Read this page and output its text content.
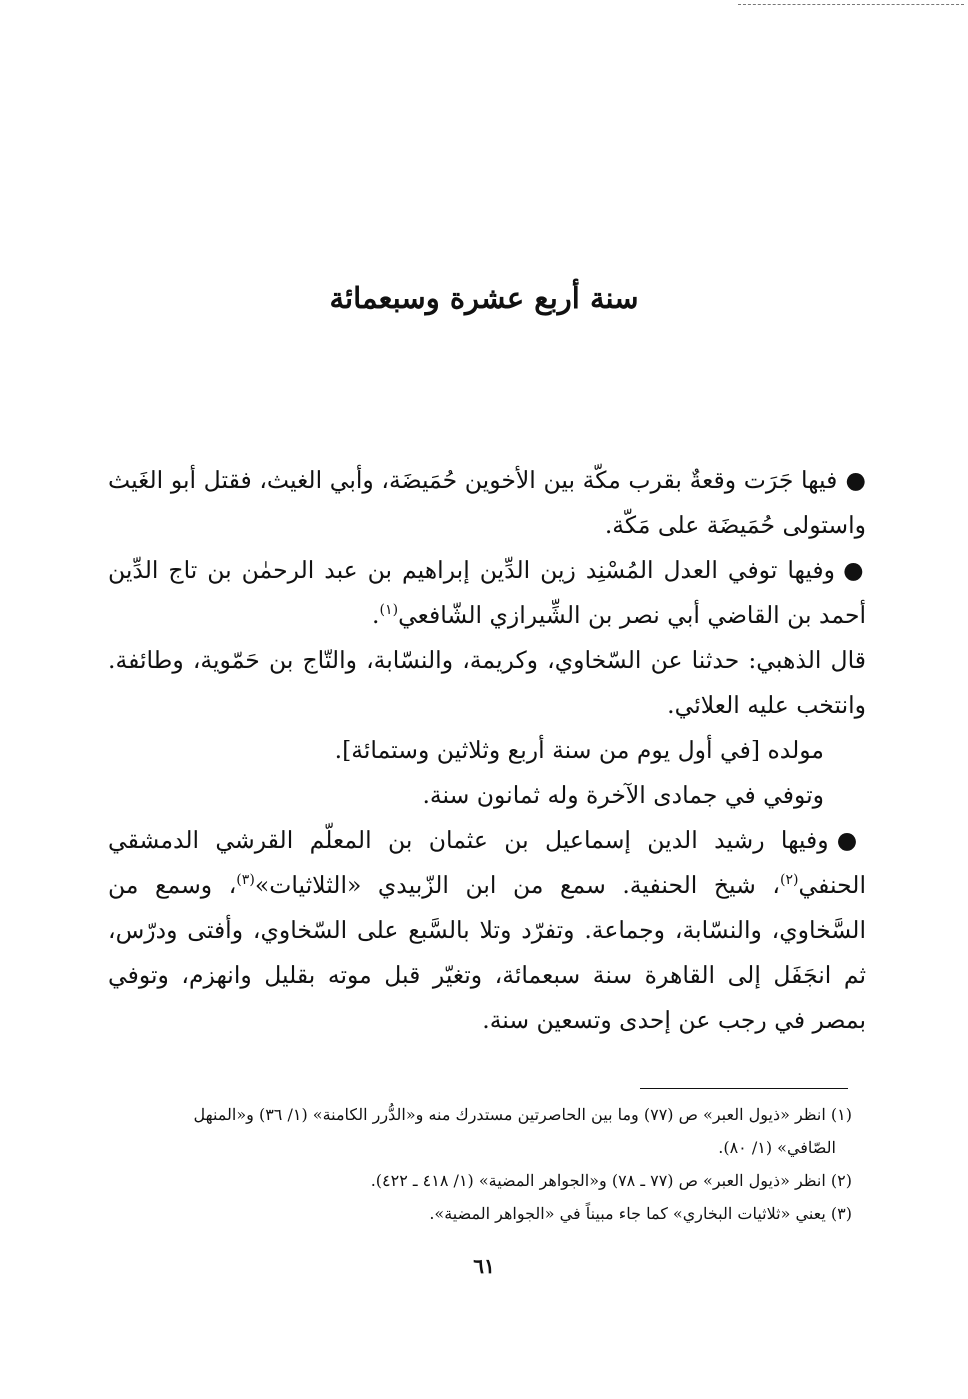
سنة أربع عشرة وسبعمائة

●فيها جَرَت وقعةٌ بقرب مكّة بين الأخوين حُمَيضَة، وأبي الغيث، فقتل أبو الغَيث واستولى حُمَيضَة على مَكّة.

●وفيها توفي العدل المُسْنِد زين الدِّين إبراهيم بن عبد الرحمٰن بن تاج الدِّين أحمد بن القاضي أبي نصر بن الشِّيرازي الشّافعي$^{(١)}$.

قال الذهبي: حدثنا عن السّخاوي، وكريمة، والنسّابة، والتّاج بن حَمّوية، وطائفة. وانتخب عليه العلائي.

مولده [في أول يوم من سنة أربع وثلاثين وستمائة].

وتوفي في جمادى الآخرة وله ثمانون سنة.

●وفيها رشيد الدين إسماعيل بن عثمان بن المعلّم القرشي الدمشقي الحنفي$^{(٢)}$، شيخ الحنفية. سمع من ابن الزّبيدي «الثلاثيات»$^{(٣)}$، وسمع من السَّخاوي، والنسّابة، وجماعة. وتفرّد وتلا بالسَّبع على السّخاوي، وأفتى ودرّس، ثم انجَفَل إلى القاهرة سنة سبعمائة، وتغيّر قبل موته بقليل وانهزم، وتوفي بمصر في رجب عن إحدى وتسعين سنة.

(١) انظر «ذيول العبر» ص (٧٧) وما بين الحاصرتين مستدرك منه و«الدُّرر الكامنة» (١/ ٣٦) و«المنهل

الصّافي» (١/ ٨٠).

(٢) انظر «ذيول العبر» ص (٧٧ ـ ٧٨) و«الجواهر المضية» (١/ ٤١٨ ـ ٤٢٢).

(٣) يعني «ثلاثيات البخاري» كما جاء مبيناً في «الجواهر المضية».

٦١
